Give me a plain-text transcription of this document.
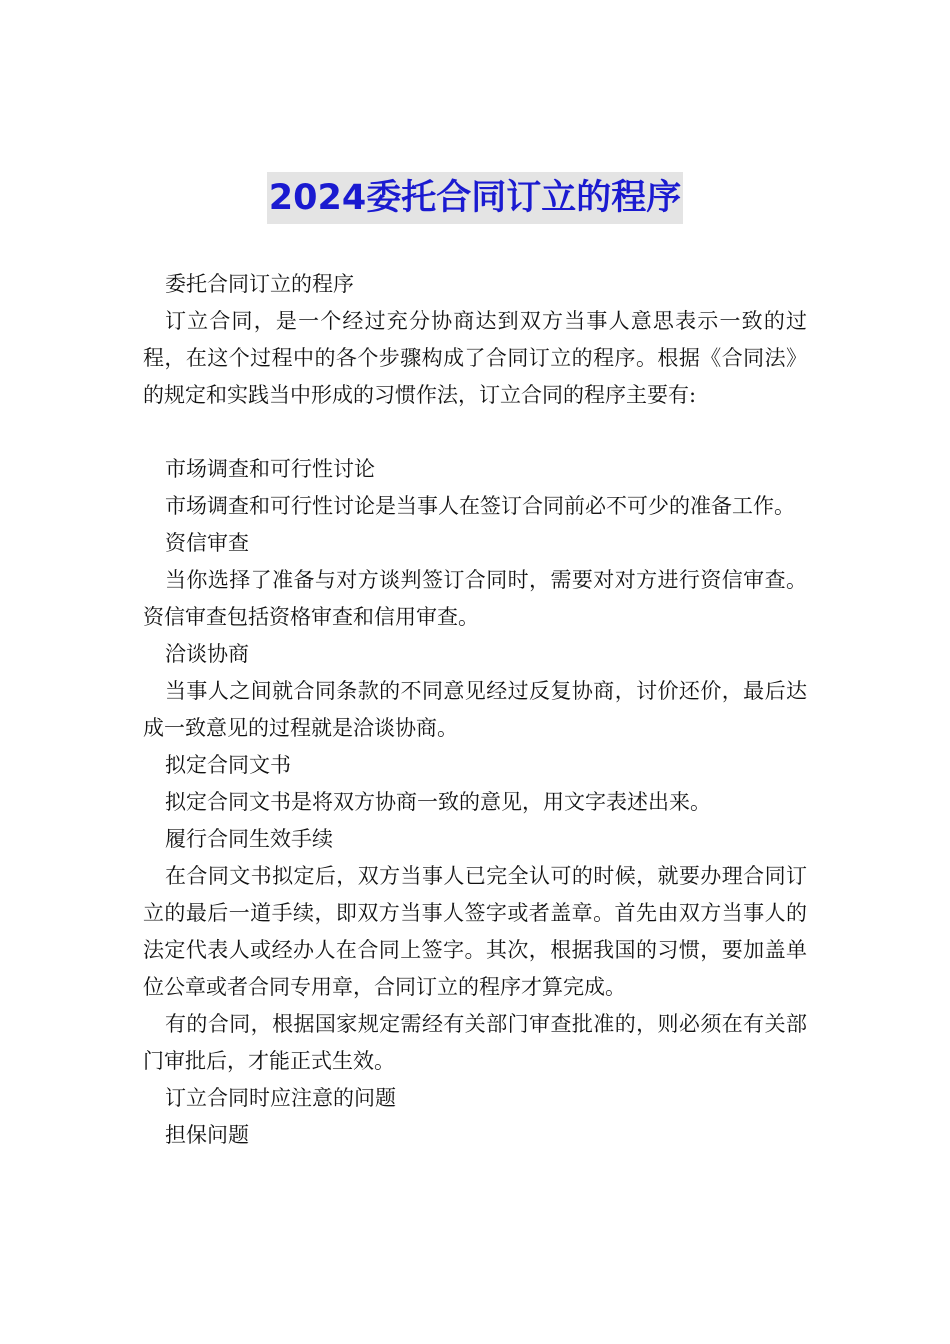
2024委托合同订立的程序

委托合同订立的程序

订立合同，是一个经过充分协商达到双方当事人意思表示一致的过程，在这个过程中的各个步骤构成了合同订立的程序。根据《合同法》的规定和实践当中形成的习惯作法，订立合同的程序主要有:

市场调查和可行性讨论

市场调查和可行性讨论是当事人在签订合同前必不可少的准备工作。

资信审查

当你选择了准备与对方谈判签订合同时，需要对对方进行资信审查。资信审查包括资格审查和信用审查。

洽谈协商

当事人之间就合同条款的不同意见经过反复协商，讨价还价，最后达成一致意见的过程就是洽谈协商。

拟定合同文书

拟定合同文书是将双方协商一致的意见，用文字表述出来。

履行合同生效手续

在合同文书拟定后，双方当事人已完全认可的时候，就要办理合同订立的最后一道手续，即双方当事人签字或者盖章。首先由双方当事人的法定代表人或经办人在合同上签字。其次，根据我国的习惯，要加盖单位公章或者合同专用章，合同订立的程序才算完成。

有的合同，根据国家规定需经有关部门审查批准的，则必须在有关部门审批后，才能正式生效。

订立合同时应注意的问题

担保问题
